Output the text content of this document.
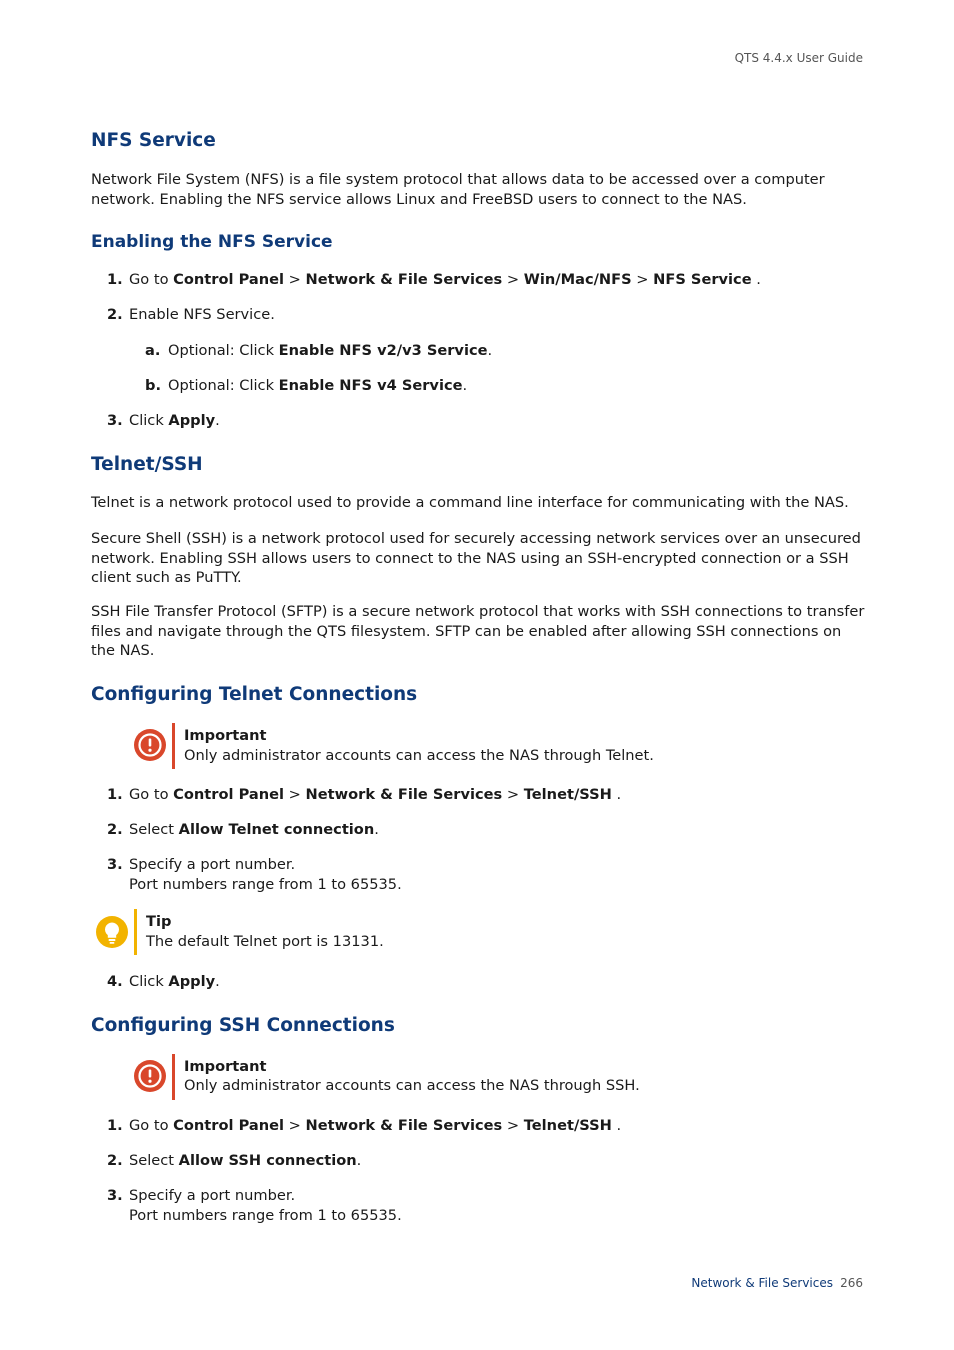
QTS 4.4.x User Guide
NFS Service
Network File System (NFS) is a file system protocol that allows data to be accessed over a computer network. Enabling the NFS service allows Linux and FreeBSD users to connect to the NAS.
Enabling the NFS Service
1. Go to Control Panel > Network & File Services > Win/Mac/NFS > NFS Service .
2. Enable NFS Service.
a. Optional: Click Enable NFS v2/v3 Service.
b. Optional: Click Enable NFS v4 Service.
3. Click Apply.
Telnet/SSH
Telnet is a network protocol used to provide a command line interface for communicating with the NAS.
Secure Shell (SSH) is a network protocol used for securely accessing network services over an unsecured network. Enabling SSH allows users to connect to the NAS using an SSH-encrypted connection or a SSH client such as PuTTY.
SSH File Transfer Protocol (SFTP) is a secure network protocol that works with SSH connections to transfer files and navigate through the QTS filesystem. SFTP can be enabled after allowing SSH connections on the NAS.
Configuring Telnet Connections
Important
Only administrator accounts can access the NAS through Telnet.
1. Go to Control Panel > Network & File Services > Telnet/SSH .
2. Select Allow Telnet connection.
3. Specify a port number.
Port numbers range from 1 to 65535.
Tip
The default Telnet port is 13131.
4. Click Apply.
Configuring SSH Connections
Important
Only administrator accounts can access the NAS through SSH.
1. Go to Control Panel > Network & File Services > Telnet/SSH .
2. Select Allow SSH connection.
3. Specify a port number.
Port numbers range from 1 to 65535.
Network & File Services 266
